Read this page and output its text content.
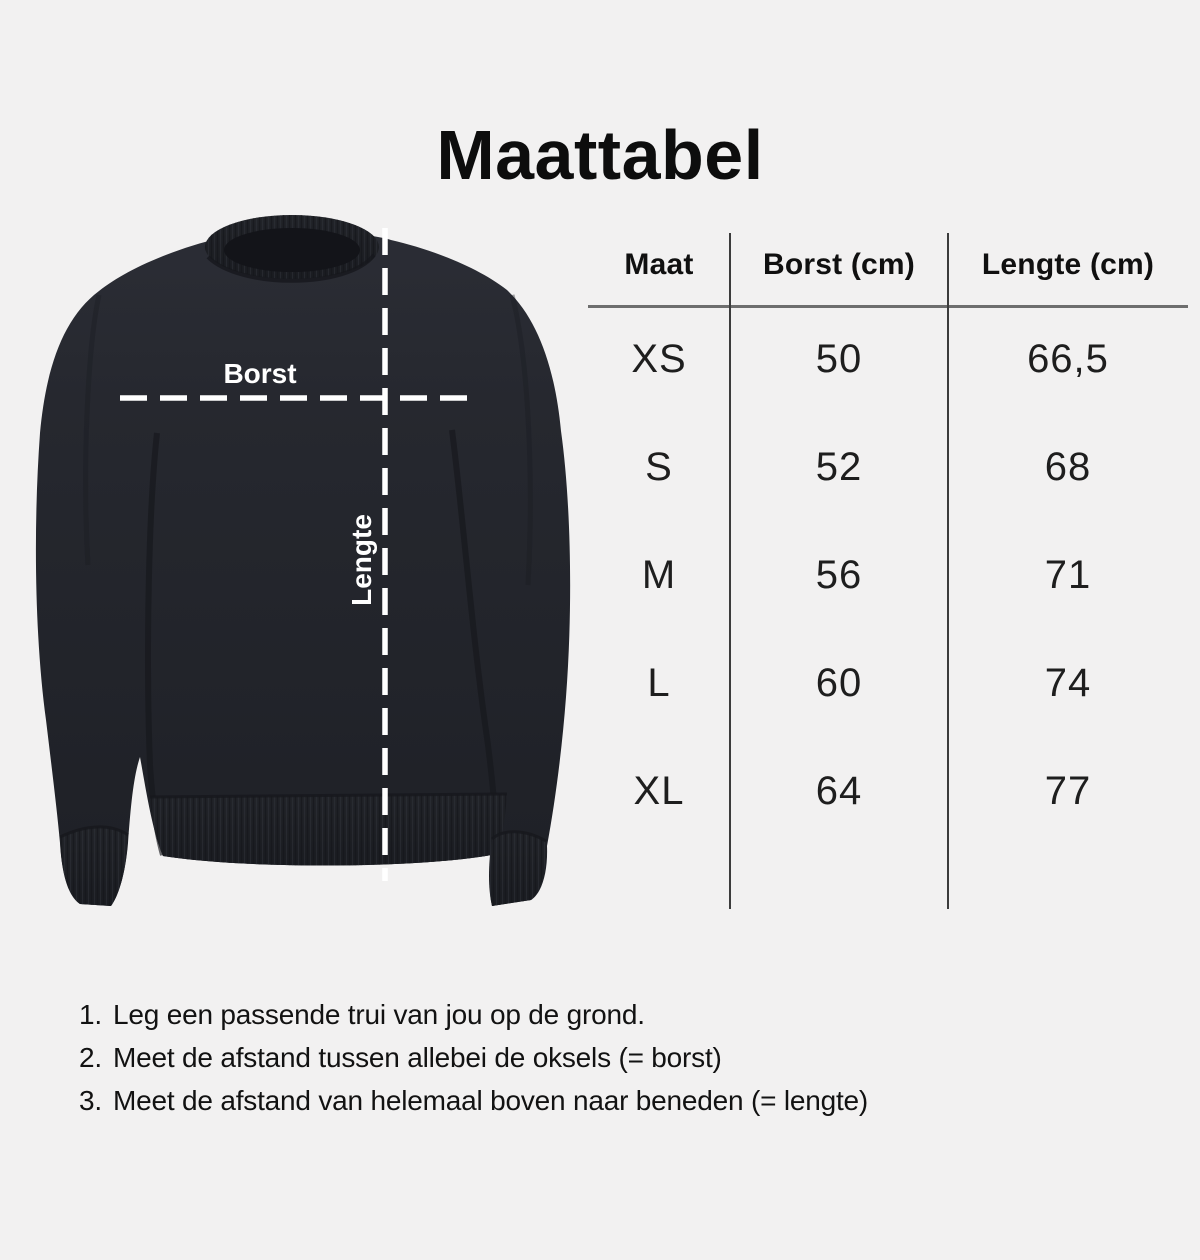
Maattabel
Borst
Lengte
Maat	Borst (cm)	Lengte (cm)
XS	50	66,5
S	52	68
M	56	71
L	60	74
XL	64	77
1. Leg een passende trui van jou op de grond.
2. Meet de afstand tussen allebei de oksels (= borst)
3. Meet de afstand van helemaal boven naar beneden (= lengte)
